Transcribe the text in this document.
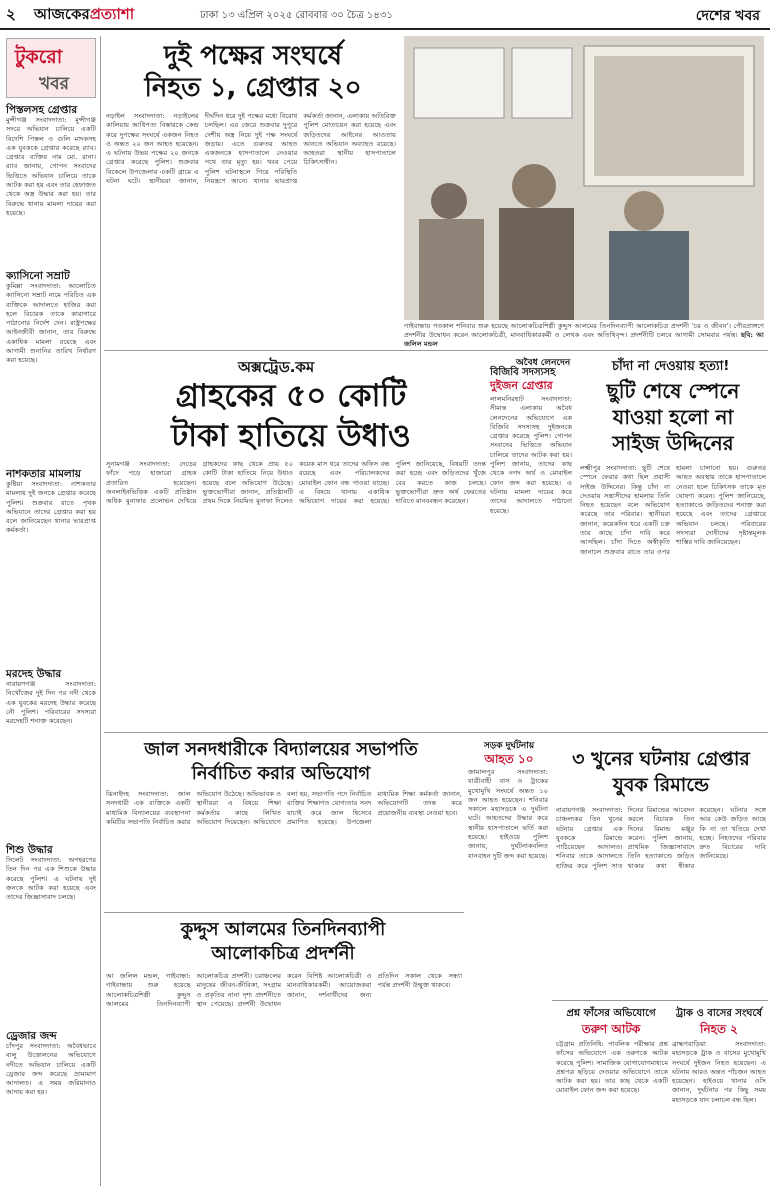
২ আজকেরপ্রত্যাশা	ঢাকা ১৩ এপ্রিল ২০২৫ রোববার ৩০ চৈত্র ১৪৩১	দেশের খবর
টুকরো
খবর
পিস্তলসহ গ্রেপ্তার
মুন্সীগঞ্জ সংবাদদাতা: মুন্সীগঞ্জ সদরে অভিযান চালিয়ে একটি বিদেশি পিস্তল ও গুলি মাদকসহ এক যুবককে গ্রেপ্তার করেছে র‌্যাব। গ্রেপ্তার ব্যক্তির নাম মো. রানা। র‌্যাব জানায়, গোপন সংবাদের ভিত্তিতে অভিযান চালিয়ে তাকে আটক করা হয় এবং তার হেফাজত থেকে অস্ত্র উদ্ধার করা হয়। তার বিরুদ্ধে থানায় মামলা দায়ের করা হয়েছে।
ক্যাসিনো সম্রাট
কুমিল্লা সংবাদদাতা: আলোচিত ক্যাসিনো সম্রাট নামে পরিচিত এক ব্যক্তিকে আদালতে হাজির করা হলে বিচারক তাকে কারাগারে পাঠানোর নির্দেশ দেন। রাষ্ট্রপক্ষের আইনজীবী জানান, তার বিরুদ্ধে একাধিক মামলা রয়েছে এবং আগামী শুনানির তারিখ নির্ধারণ করা হয়েছে।
নাশকতার মামলায়
কুষ্টিয়া সংবাদদাতা: নাশকতার মামলায় দুই জনকে গ্রেপ্তার করেছে পুলিশ। শুক্রবার রাতে পৃথক অভিযানে তাদের গ্রেপ্তার করা হয় বলে জানিয়েছেন থানার ভারপ্রাপ্ত কর্মকর্তা।
মরদেহ উদ্ধার
নারায়ণগঞ্জ সংবাদদাতা: নিখোঁজের দুই দিন পর নদী থেকে এক যুবকের মরদেহ উদ্ধার করেছে নৌ পুলিশ। পরিবারের সদস্যরা মরদেহটি শনাক্ত করেছেন।
শিশু উদ্ধার
সিলেট সংবাদদাতা: অপহরণের তিন দিন পর এক শিশুকে উদ্ধার করেছে পুলিশ। এ ঘটনায় দুই জনকে আটক করা হয়েছে এবং তাদের জিজ্ঞাসাবাদ চলছে।
ড্রেজার জব্দ
চাঁদপুর সংবাদদাতা: অবৈধভাবে বালু উত্তোলনের অভিযোগে নদীতে অভিযান চালিয়ে একটি ড্রেজার জব্দ করেছে ভ্রাম্যমাণ আদালত। এ সময় জরিমানাও আদায় করা হয়।
দুই পক্ষের সংঘর্ষে
নিহত ১, গ্রেপ্তার ২০
নড়াইল সংবাদদাতা: নড়াইলের কালিয়ায় আধিপত্য বিস্তারকে কেন্দ্র করে দুপক্ষের সংঘর্ষে একজন নিহত ও অন্তত ২০ জন আহত হয়েছেন। এ ঘটনায় উভয় পক্ষের ২০ জনকে গ্রেপ্তার করেছে পুলিশ। শুক্রবার বিকেলে উপজেলার একটি গ্রামে এ ঘটনা ঘটে। স্থানীয়রা জানান, দীর্ঘদিন ধরে দুই পক্ষের মধ্যে বিরোধ চলছিল। এর জেরে শুক্রবার দুপুরে দেশীয় অস্ত্র নিয়ে দুই পক্ষ সংঘর্ষে জড়ায়। এতে গুরুতর আহত একজনকে হাসপাতালে নেওয়ার পথে তার মৃত্যু হয়। খবর পেয়ে পুলিশ ঘটনাস্থলে গিয়ে পরিস্থিতি নিয়ন্ত্রণে আনে। থানার ভারপ্রাপ্ত কর্মকর্তা জানান, এলাকায় অতিরিক্ত পুলিশ মোতায়েন করা হয়েছে এবং জড়িতদের আইনের আওতায় আনতে অভিযান অব্যাহত রয়েছে। আহতরা স্থানীয় হাসপাতালে চিকিৎসাধীন।
গাইবান্ধায় গতকাল শনিবার শুরু হয়েছে আলোকচিত্রশিল্পী কুদ্দুস আলমের তিনদিনব্যাপী আলোকচিত্র প্রদর্শনী ‘চর ও জীবন’। গৌরপ্রাঙ্গণে প্রদর্শনীর উদ্বোধন করেন আলোকচিত্রী, মানবাধিকারকর্মী ও লেখক এবং অতিথিবৃন্দ। প্রদর্শনীটি চলবে আগামী সোমবার পর্যন্ত। ছবি: আ জলিল মন্ডল
অক্সট্রেড.কম
গ্রাহকের ৫০ কোটি
টাকা হাতিয়ে উধাও
সুনামগঞ্জ সংবাদদাতা: দেড়ের ফাঁদে পড়ে হাজারো গ্রাহক প্রতারিত হয়েছেন। অনলাইনভিত্তিক একটি প্রতিষ্ঠান অধিক মুনাফার প্রলোভন দেখিয়ে গ্রাহকদের কাছ থেকে প্রায় ৫০ কোটি টাকা হাতিয়ে নিয়ে উধাও হয়েছে বলে অভিযোগ উঠেছে। ভুক্তভোগীরা জানান, প্রতিষ্ঠানটি প্রথম দিকে নিয়মিত মুনাফা দিলেও কয়েক মাস ধরে তাদের অফিস বন্ধ রয়েছে এবং পরিচালকদের মোবাইল ফোন বন্ধ পাওয়া যাচ্ছে। এ বিষয়ে থানায় একাধিক অভিযোগ দায়ের করা হয়েছে। পুলিশ জানিয়েছে, বিষয়টি তদন্ত করা হচ্ছে এবং জড়িতদের খুঁজে বের করতে কাজ চলছে। ভুক্তভোগীরা দ্রুত অর্থ ফেরতের দাবিতে মানববন্ধন করেছেন।
অবৈধ লেনদেন
বিজিবি সদস্যসহ
দুইজন গ্রেপ্তার
লালমনিরহাট সংবাদদাতা: সীমান্ত এলাকায় অবৈধ লেনদেনের অভিযোগে এক বিজিবি সদস্যসহ দুইজনকে গ্রেপ্তার করেছে পুলিশ। গোপন সংবাদের ভিত্তিতে অভিযান চালিয়ে তাদের আটক করা হয়। পুলিশ জানায়, তাদের কাছ থেকে নগদ অর্থ ও মোবাইল ফোন জব্দ করা হয়েছে। এ ঘটনায় মামলা দায়ের করে তাদের আদালতে পাঠানো হয়েছে।
চাঁদা না দেওয়ায় হত্যা!
ছুটি শেষে স্পেনে
যাওয়া হলো না
সাইজ উদ্দিনের
লক্ষ্মীপুর সংবাদদাতা: ছুটি শেষে স্পেনে ফেরার কথা ছিল প্রবাসী সাইজ উদ্দিনের। কিন্তু চাঁদা না দেওয়ায় সন্ত্রাসীদের হামলায় তিনি নিহত হয়েছেন বলে অভিযোগ করেছে তার পরিবার। স্থানীয়রা জানান, কয়েকদিন ধরে একটি চক্র তার কাছে চাঁদা দাবি করে আসছিল। চাঁদা দিতে অস্বীকৃতি জানালে শুক্রবার রাতে তার ওপর হামলা চালানো হয়। গুরুতর আহত অবস্থায় তাকে হাসপাতালে নেওয়া হলে চিকিৎসক তাকে মৃত ঘোষণা করেন। পুলিশ জানিয়েছে, হত্যাকাণ্ডে জড়িতদের শনাক্ত করা হয়েছে এবং তাদের গ্রেপ্তারে অভিযান চলছে। পরিবারের সদস্যরা দোষীদের দৃষ্টান্তমূলক শাস্তির দাবি জানিয়েছেন।
জাল সনদধারীকে বিদ্যালয়ের সভাপতি
নির্বাচিত করার অভিযোগ
ঝিনাইদহ সংবাদদাতা: জাল সনদধারী এক ব্যক্তিকে একটি মাধ্যমিক বিদ্যালয়ের ব্যবস্থাপনা কমিটির সভাপতি নির্বাচিত করার অভিযোগ উঠেছে। অভিভাবক ও স্থানীয়রা এ বিষয়ে শিক্ষা কর্মকর্তার কাছে লিখিত অভিযোগ দিয়েছেন। অভিযোগে বলা হয়, সভাপতি পদে নির্বাচিত ব্যক্তির শিক্ষাগত যোগ্যতার সনদ যাচাই করে জাল হিসেবে প্রমাণিত হয়েছে। উপজেলা মাধ্যমিক শিক্ষা কর্মকর্তা জানান, অভিযোগটি তদন্ত করে প্রয়োজনীয় ব্যবস্থা নেওয়া হবে।
সড়ক দুর্ঘটনায়
আহত ১০
জামালপুর সংবাদদাতা: যাত্রীবাহী বাস ও ট্রাকের মুখোমুখি সংঘর্ষে অন্তত ১০ জন আহত হয়েছেন। শনিবার সকালে মহাসড়কে এ দুর্ঘটনা ঘটে। আহতদের উদ্ধার করে স্থানীয় হাসপাতালে ভর্তি করা হয়েছে। হাইওয়ে পুলিশ জানায়, দুর্ঘটনাকবলিত যানবাহন দুটি জব্দ করা হয়েছে।
৩ খুনের ঘটনায় গ্রেপ্তার
যুবক রিমান্ডে
নারায়ণগঞ্জ সংবাদদাতা: চাঞ্চল্যকর তিন খুনের ঘটনায় গ্রেপ্তার এক যুবককে রিমান্ডে পাঠিয়েছেন আদালত। শনিবার তাকে আদালতে হাজির করে পুলিশ সাত দিনের রিমান্ডের আবেদন করলে বিচারক তিন দিনের রিমান্ড মঞ্জুর করেন। পুলিশ জানায়, প্রাথমিক জিজ্ঞাসাবাদে তিনি হত্যাকাণ্ডে জড়িত থাকার কথা স্বীকার করেছেন। ঘটনার সঙ্গে আর কেউ জড়িত আছে কি না তা খতিয়ে দেখা হচ্ছে। নিহতদের পরিবার দ্রুত বিচারের দাবি জানিয়েছে।
কুদ্দুস আলমের তিনদিনব্যাপী
আলোকচিত্র প্রদর্শনী
আ জলিল মন্ডল, গাইবান্ধা: গাইবান্ধায় শুরু হয়েছে আলোকচিত্রশিল্পী কুদ্দুস আলমের তিনদিনব্যাপী আলোকচিত্র প্রদর্শনী। চরাঞ্চলের মানুষের জীবন-জীবিকা, সংগ্রাম ও প্রকৃতির নানা দৃশ্য প্রদর্শনীতে স্থান পেয়েছে। প্রদর্শনী উদ্বোধন করেন বিশিষ্ট আলোকচিত্রী ও মানবাধিকারকর্মী। আয়োজকরা জানান, দর্শনার্থীদের জন্য প্রতিদিন সকাল থেকে সন্ধ্যা পর্যন্ত প্রদর্শনী উন্মুক্ত থাকবে।
প্রশ্ন ফাঁসের অভিযোগে
তরুণ আটক
চট্টগ্রাম প্রতিনিধি: পাবলিক পরীক্ষার প্রশ্ন ফাঁসের অভিযোগে এক তরুণকে আটক করেছে পুলিশ। সামাজিক যোগাযোগমাধ্যমে প্রশ্নপত্র ছড়িয়ে দেওয়ার অভিযোগে তাকে আটক করা হয়। তার কাছ থেকে একটি মোবাইল ফোন জব্দ করা হয়েছে।
ট্রাক ও বাসের সংঘর্ষে
নিহত ২
ব্রাহ্মণবাড়িয়া সংবাদদাতা: মহাসড়কে ট্রাক ও বাসের মুখোমুখি সংঘর্ষে দুইজন নিহত হয়েছেন। এ ঘটনায় আরও অন্তত পাঁচজন আহত হয়েছেন। হাইওয়ে থানার ওসি জানান, দুর্ঘটনার পর কিছু সময় মহাসড়কে যান চলাচল বন্ধ ছিল।
